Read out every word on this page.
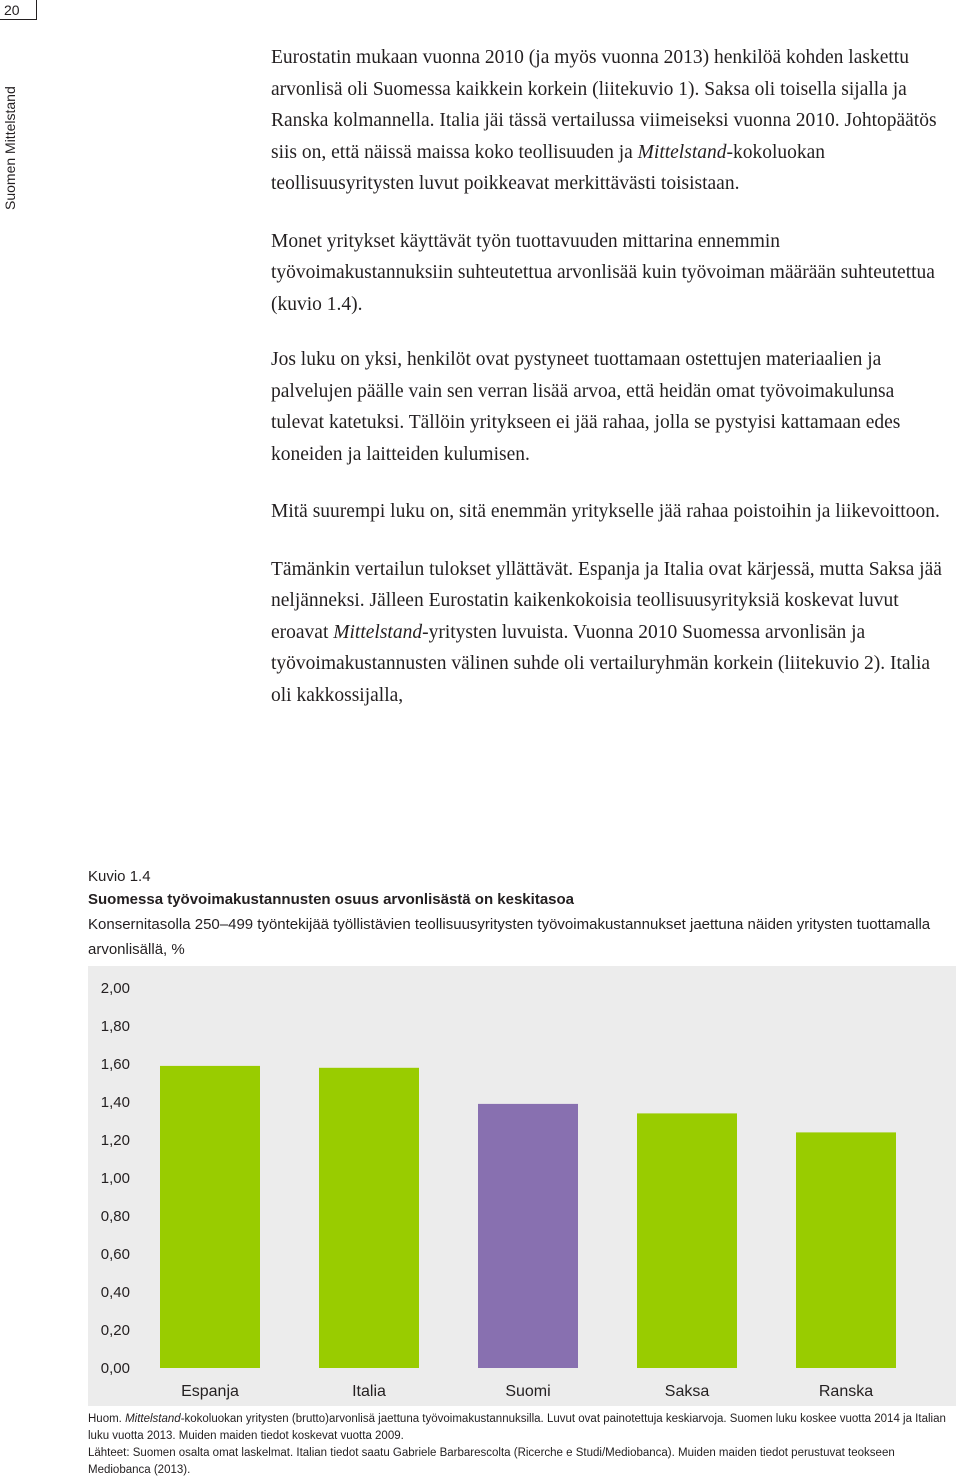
20
Suomen Mittelstand

Eurostatin mukaan vuonna 2010 (ja myös vuonna 2013) henkilöä kohden laskettu arvonlisä oli Suomessa kaikkein korkein (liitekuvio 1). Saksa oli toisella sijalla ja Ranska kolmannella. Italia jäi tässä vertailussa viimeiseksi vuonna 2010. Johtopäätös siis on, että näissä maissa koko teollisuuden ja Mittelstand-kokoluokan teollisuusyritysten luvut poikkeavat merkittävästi toisistaan.

Monet yritykset käyttävät työn tuottavuuden mittarina ennemmin työvoimakustannuksiin suhteutettua arvonlisää kuin työvoiman määrään suhteutettua (kuvio 1.4).

Jos luku on yksi, henkilöt ovat pystyneet tuottamaan ostettujen materiaalien ja palvelujen päälle vain sen verran lisää arvoa, että heidän omat työvoimakulunsa tulevat katetuksi. Tällöin yritykseen ei jää rahaa, jolla se pystyisi kattamaan edes koneiden ja laitteiden kulumisen.

Mitä suurempi luku on, sitä enemmän yritykselle jää rahaa poistoihin ja liikevoittoon.

Tämänkin vertailun tulokset yllättävät. Espanja ja Italia ovat kärjessä, mutta Saksa jää neljänneksi. Jälleen Eurostatin kaikenkokoisia teollisuusyrityksiä koskevat luvut eroavat Mittelstand-yritysten luvuista. Vuonna 2010 Suomessa arvonlisän ja työvoimakustannusten välinen suhde oli vertailuryhmän korkein (liitekuvio 2). Italia oli kakkossijalla,

Kuvio 1.4
Suomessa työvoimakustannusten osuus arvonlisästä on keskitasoa
Konsernitasolla 250–499 työntekijää työllistävien teollisuusyritysten työvoimakustannukset jaettuna näiden yritysten tuottamalla arvonlisällä, %
0,00
0,20
0,40
0,60
0,80
1,00
1,20
1,40
1,60
1,80
2,00
Espanja	Italia	Suomi	Saksa	Ranska

Huom. Mittelstand-kokoluokan yritysten (brutto)arvonlisä jaettuna työvoimakustannuksilla. Luvut ovat painotettuja keskiarvoja. Suomen luku koskee vuotta 2014 ja Italian luku vuotta 2013. Muiden maiden tiedot koskevat vuotta 2009.

Lähteet: Suomen osalta omat laskelmat. Italian tiedot saatu Gabriele Barbarescolta (Ricerche e Studi/Mediobanca). Muiden maiden tiedot perustuvat teokseen Mediobanca (2013).
